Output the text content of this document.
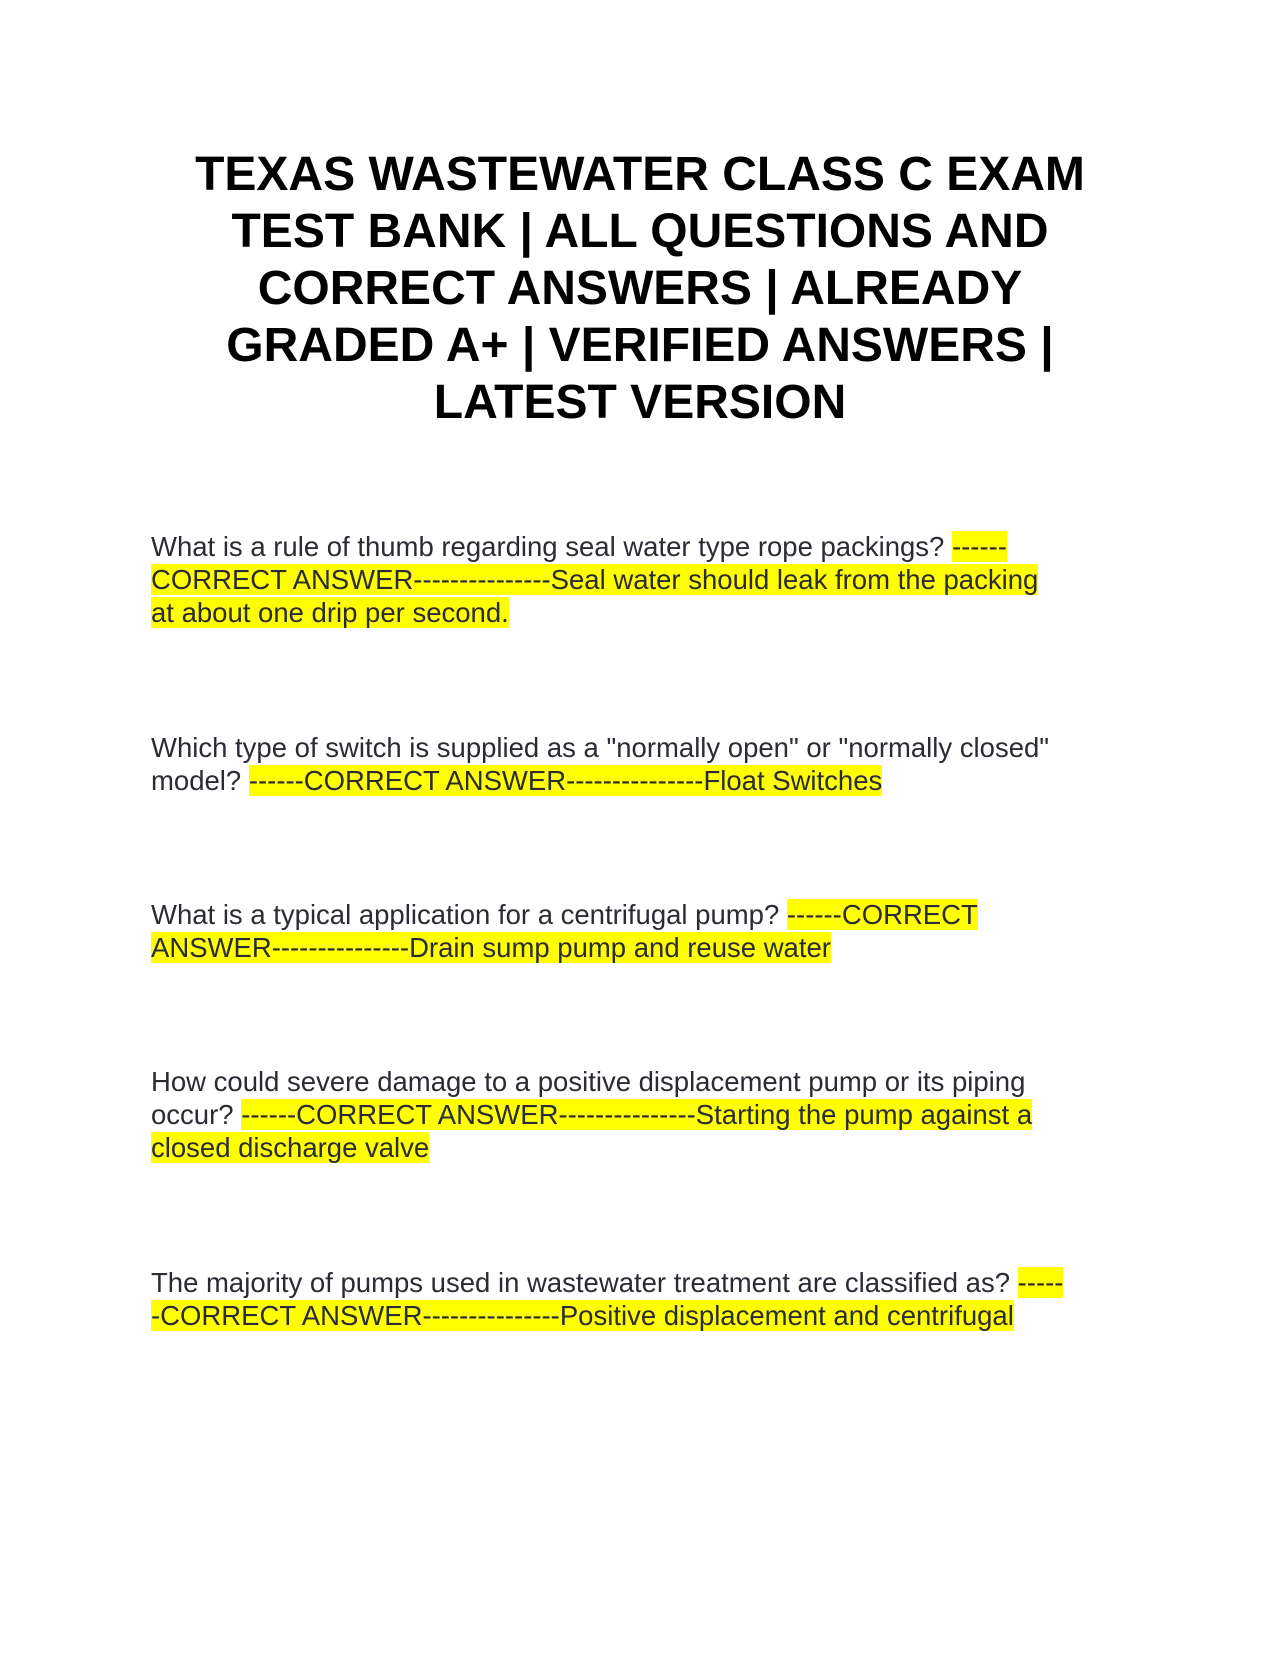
TEXAS WASTEWATER CLASS C EXAM
TEST BANK | ALL QUESTIONS AND
CORRECT ANSWERS | ALREADY
GRADED A+ | VERIFIED ANSWERS |
LATEST VERSION

What is a rule of thumb regarding seal water type rope packings? ------
CORRECT ANSWER---------------Seal water should leak from the packing
at about one drip per second.

Which type of switch is supplied as a "normally open" or "normally closed"
model? ------CORRECT ANSWER---------------Float Switches

What is a typical application for a centrifugal pump? ------CORRECT
ANSWER---------------Drain sump pump and reuse water

How could severe damage to a positive displacement pump or its piping
occur? ------CORRECT ANSWER---------------Starting the pump against a
closed discharge valve

The majority of pumps used in wastewater treatment are classified as? -----
-CORRECT ANSWER---------------Positive displacement and centrifugal
